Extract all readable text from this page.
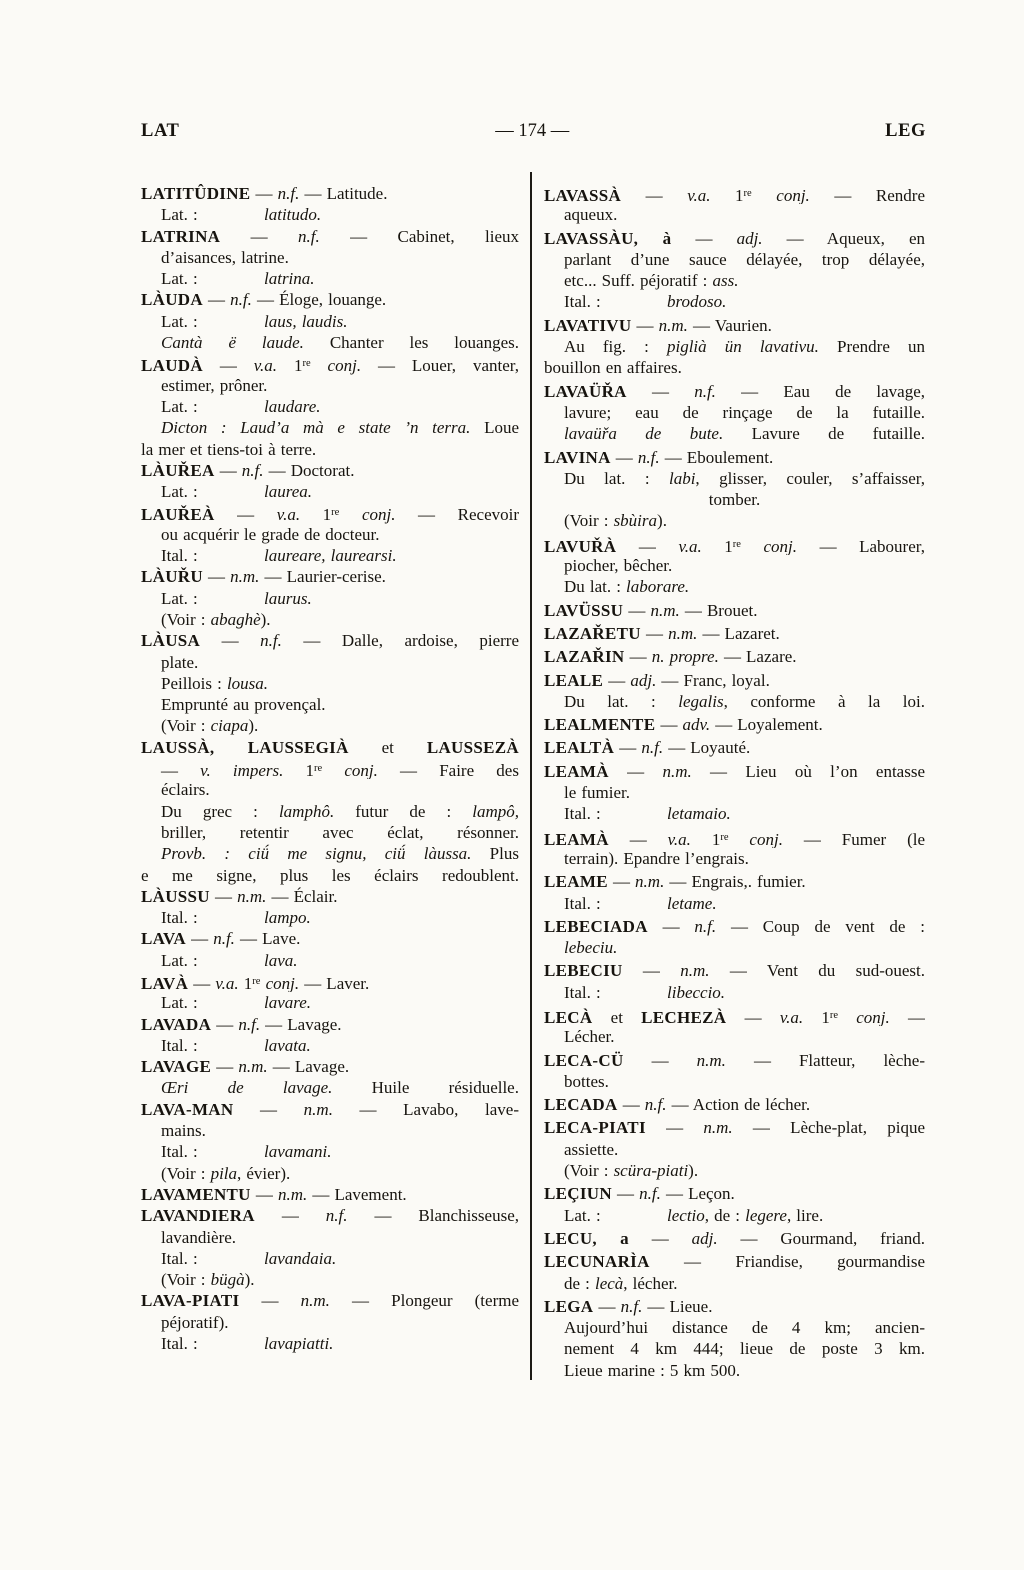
LAT	— 174 —	LEG
LATITÛDINE — n.f. — Latitude.
Lat. :	latitudo.
LATRINA — n.f. — Cabinet, lieux
d’aisances, latrine.
Lat. :	latrina.
LÀUDA — n.f. — Éloge, louange.
Lat. :	laus, laudis.
Cantà ë laude. Chanter les louanges.
LAUDÀ — v.a. 1re conj. — Louer, vanter,
estimer, prôner.
Lat. :	laudare.
Dicton : Laud’a mà e state ’n terra. Loue
la mer et tiens-toi à terre.
LÀUŘEA — n.f. — Doctorat.
Lat. :	laurea.
LAUŘEÀ — v.a. 1re conj. — Recevoir
ou acquérir le grade de docteur.
Ital. :	laureare, laurearsi.
LÀUŘU — n.m. — Laurier-cerise.
Lat. :	laurus.
(Voir : abaghè).
LÀUSA — n.f. — Dalle, ardoise, pierre
plate.
Peillois : lousa.
Emprunté au provençal.
(Voir : ciapa).
LAUSSÀ, LAUSSEGIÀ et LAUSSEZÀ
— v. impers. 1re conj. — Faire des
éclairs.
Du grec : lamphô. futur de : lampô,
briller, retentir avec éclat, résonner.
Provb. : ciǘ me signu, ciǘ làussa. Plus
e me signe, plus les éclairs redoublent.
LÀUSSU — n.m. — Éclair.
Ital. :	lampo.
LAVA — n.f. — Lave.
Lat. :	lava.
LAVÀ — v.a. 1re conj. — Laver.
Lat. :	lavare.
LAVADA — n.f. — Lavage.
Ital. :	lavata.
LAVAGE — n.m. — Lavage.
Œri de lavage. Huile résiduelle.
LAVA-MAN — n.m. — Lavabo, lave-
mains.
Ital. :	lavamani.
(Voir : pila, évier).
LAVAMENTU — n.m. — Lavement.
LAVANDIERA — n.f. — Blanchisseuse,
lavandière.
Ital. :	lavandaia.
(Voir : bügà).
LAVA-PIATI — n.m. — Plongeur (terme
péjoratif).
Ital. :	lavapiatti.
LAVASSÀ — v.a. 1re conj. — Rendre
aqueux.
LAVASSÀU, à — adj. — Aqueux, en
parlant d’une sauce délayée, trop délayée,
etc... Suff. péjoratif : ass.
Ital. :	brodoso.
LAVATIVU — n.m. — Vaurien.
Au fig. : piglià ün lavativu. Prendre un
bouillon en affaires.
LAVAÜŘA — n.f. — Eau de lavage,
lavure; eau de rinçage de la futaille.
lavaüřa de bute. Lavure de futaille.
LAVINA — n.f. — Eboulement.
Du lat. : labi, glisser, couler, s’affaisser,
tomber.
(Voir : sbùira).
LAVUŘÀ — v.a. 1re conj. — Labourer,
piocher, bêcher.
Du lat. : laborare.
LAVÜSSU — n.m. — Brouet.
LAZAŘETU — n.m. — Lazaret.
LAZAŘIN — n. propre. — Lazare.
LEALE — adj. — Franc, loyal.
Du lat. : legalis, conforme à la loi.
LEALMENTE — adv. — Loyalement.
LEALTÀ — n.f. — Loyauté.
LEAMÀ — n.m. — Lieu où l’on entasse
le fumier.
Ital. :	letamaio.
LEAMÀ — v.a. 1re conj. — Fumer (le
terrain). Epandre l’engrais.
LEAME — n.m. — Engrais,. fumier.
Ital. :	letame.
LEBECIADA — n.f. — Coup de vent de :
lebeciu.
LEBECIU — n.m. — Vent du sud-ouest.
Ital. :	libeccio.
LECÀ et LECHEZÀ — v.a. 1re conj. —
Lécher.
LECA-CÜ — n.m. — Flatteur, lèche-
bottes.
LECADA — n.f. — Action de lécher.
LECA-PIATI — n.m. — Lèche-plat, pique
assiette.
(Voir : scüra-piati).
LEÇIUN — n.f. — Leçon.
Lat. :	lectio, de : legere, lire.
LECU, a — adj. — Gourmand, friand.
LECUNARÌA — Friandise, gourmandise
de : lecà, lécher.
LEGA — n.f. — Lieue.
Aujourd’hui distance de 4 km; ancien-
nement 4 km 444; lieue de poste 3 km.
Lieue marine : 5 km 500.
